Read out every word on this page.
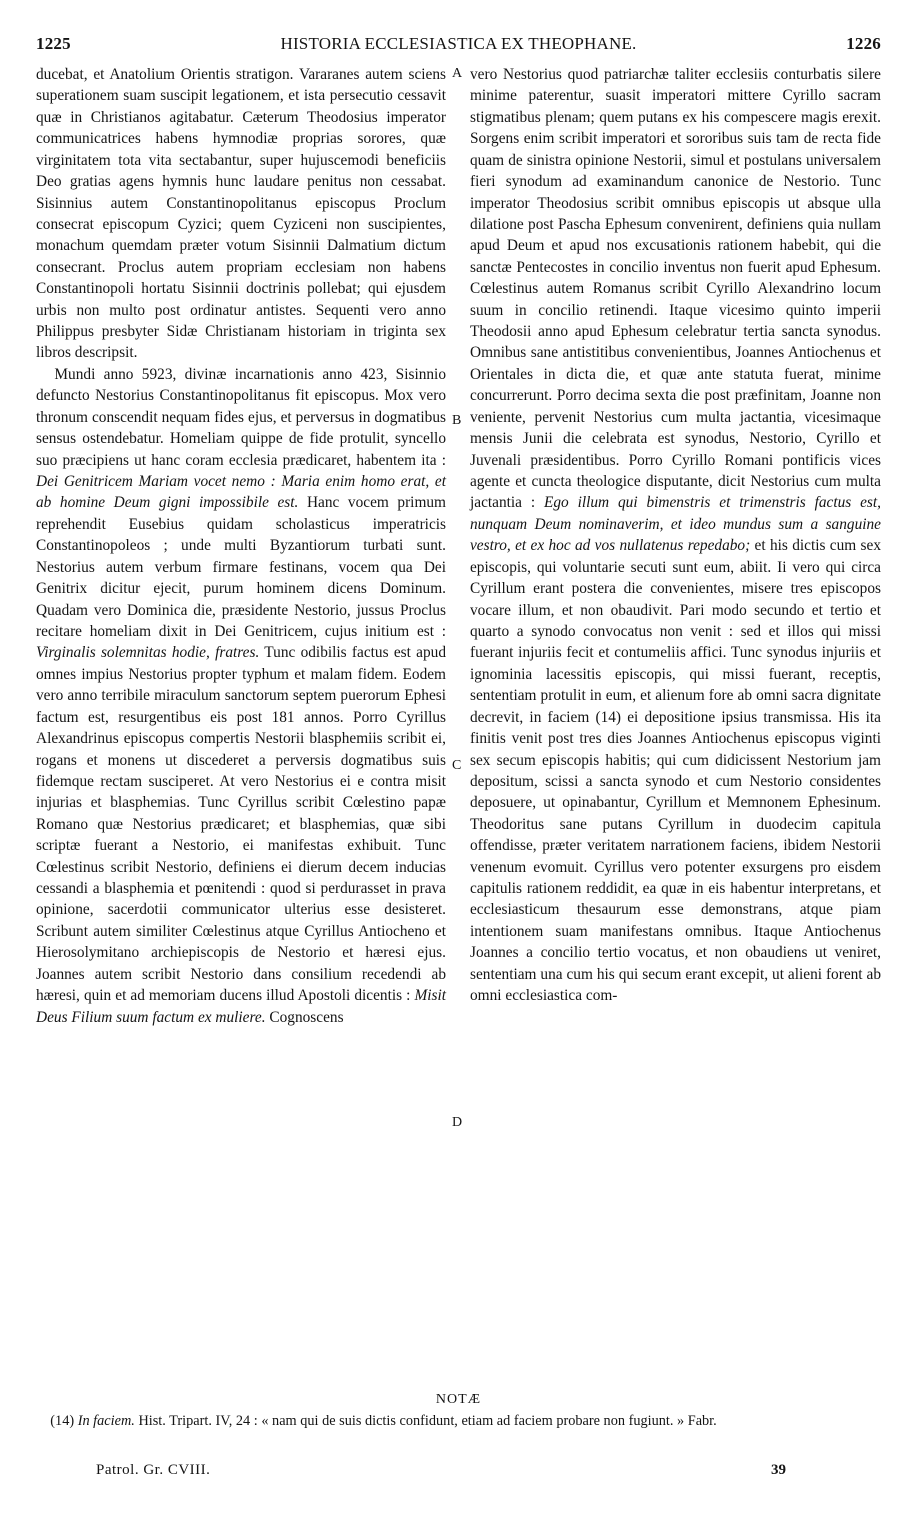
1225	HISTORIA ECCLESIASTICA EX THEOPHANE.	1226

ducebat, et Anatolium Orientis stratigon. Vararanes autem sciens superationem suam suscipit legationem, et ista persecutio cessavit quæ in Christianos agitabatur. Cæterum Theodosius imperator communicatrices habens hymnodiæ proprias sorores, quæ virginitatem tota vita sectabantur, super hujuscemodi beneficiis Deo gratias agens hymnis hunc laudare penitus non cessabat. Sisinnius autem Constantinopolitanus episcopus Proclum consecrat episcopum Cyzici; quem Cyziceni non suscipientes, monachum quemdam præter votum Sisinnii Dalmatium dictum consecrant. Proclus autem propriam ecclesiam non habens Constantinopoli hortatu Sisinnii doctrinis pollebat; qui ejusdem urbis non multo post ordinatur antistes. Sequenti vero anno Philippus presbyter Sidæ Christianam historiam in triginta sex libros descripsit.

Mundi anno 5923, divinæ incarnationis anno 423, Sisinnio defuncto Nestorius Constantinopolitanus fit episcopus. Mox vero thronum conscendit nequam fides ejus, et perversus in dogmatibus sensus ostendebatur. Homeliam quippe de fide protulit, syncello suo præcipiens ut hanc coram ecclesia prædicaret, habentem ita : Dei Genitricem Mariam vocet nemo : Maria enim homo erat, et ab homine Deum gigni impossibile est. Hanc vocem primum reprehendit Eusebius quidam scholasticus imperatricis Constantinopoleos ; unde multi Byzantiorum turbati sunt. Nestorius autem verbum firmare festinans, vocem qua Dei Genitrix dicitur ejecit, purum hominem dicens Dominum. Quadam vero Dominica die, præsidente Nestorio, jussus Proclus recitare homeliam dixit in Dei Genitricem, cujus initium est : Virginalis solemnitas hodie, fratres. Tunc odibilis factus est apud omnes impius Nestorius propter typhum et malam fidem. Eodem vero anno terribile miraculum sanctorum septem puerorum Ephesi factum est, resurgentibus eis post 181 annos. Porro Cyrillus Alexandrinus episcopus compertis Nestorii blasphemiis scribit ei, rogans et monens ut discederet a perversis dogmatibus suis fidemque rectam susciperet. At vero Nestorius ei e contra misit injurias et blasphemias. Tunc Cyrillus scribit Cœlestino papæ Romano quæ Nestorius prædicaret; et blasphemias, quæ sibi scriptæ fuerant a Nestorio, ei manifestas exhibuit. Tunc Cœlestinus scribit Nestorio, definiens ei dierum decem inducias cessandi a blasphemia et pœnitendi : quod si perdurasset in prava opinione, sacerdotii communicator ulterius esse desisteret. Scribunt autem similiter Cœlestinus atque Cyrillus Antiocheno et Hierosolymitano archiepiscopis de Nestorio et hæresi ejus. Joannes autem scribit Nestorio dans consilium recedendi ab hæresi, quin et ad memoriam ducens illud Apostoli dicentis : Misit Deus Filium suum factum ex muliere. Cognoscens

A
B
C
D

vero Nestorius quod patriarchæ taliter ecclesiis conturbatis silere minime paterentur, suasit imperatori mittere Cyrillo sacram stigmatibus plenam; quem putans ex his compescere magis erexit. Sorgens enim scribit imperatori et sororibus suis tam de recta fide quam de sinistra opinione Nestorii, simul et postulans universalem fieri synodum ad examinandum canonice de Nestorio. Tunc imperator Theodosius scribit omnibus episcopis ut absque ulla dilatione post Pascha Ephesum convenirent, definiens quia nullam apud Deum et apud nos excusationis rationem habebit, qui die sanctæ Pentecostes in concilio inventus non fuerit apud Ephesum. Cœlestinus autem Romanus scribit Cyrillo Alexandrino locum suum in concilio retinendi. Itaque vicesimo quinto imperii Theodosii anno apud Ephesum celebratur tertia sancta synodus. Omnibus sane antistitibus convenientibus, Joannes Antiochenus et Orientales in dicta die, et quæ ante statuta fuerat, minime concurrerunt. Porro decima sexta die post præfinitam, Joanne non veniente, pervenit Nestorius cum multa jactantia, vicesimaque mensis Junii die celebrata est synodus, Nestorio, Cyrillo et Juvenali præsidentibus. Porro Cyrillo Romani pontificis vices agente et cuncta theologice disputante, dicit Nestorius cum multa jactantia : Ego illum qui bimenstris et trimenstris factus est, nunquam Deum nominaverim, et ideo mundus sum a sanguine vestro, et ex hoc ad vos nullatenus repedabo; et his dictis cum sex episcopis, qui voluntarie secuti sunt eum, abiit. Ii vero qui circa Cyrillum erant postera die convenientes, misere tres episcopos vocare illum, et non obaudivit. Pari modo secundo et tertio et quarto a synodo convocatus non venit : sed et illos qui missi fuerant injuriis fecit et contumeliis affici. Tunc synodus injuriis et ignominia lacessitis episcopis, qui missi fuerant, receptis, sententiam protulit in eum, et alienum fore ab omni sacra dignitate decrevit, in faciem (14) ei depositione ipsius transmissa. His ita finitis venit post tres dies Joannes Antiochenus episcopus viginti sex secum episcopis habitis; qui cum didicissent Nestorium jam depositum, scissi a sancta synodo et cum Nestorio considentes deposuere, ut opinabantur, Cyrillum et Memnonem Ephesinum. Theodoritus sane putans Cyrillum in duodecim capitula offendisse, præter veritatem narrationem faciens, ibidem Nestorii venenum evomuit. Cyrillus vero potenter exsurgens pro eisdem capitulis rationem reddidit, ea quæ in eis habentur interpretans, et ecclesiasticum thesaurum esse demonstrans, atque piam intentionem suam manifestans omnibus. Itaque Antiochenus Joannes a concilio tertio vocatus, et non obaudiens ut veniret, sententiam una cum his qui secum erant excepit, ut alieni forent ab omni ecclesiastica com-

NOTÆ
(14) In faciem. Hist. Tripart. IV, 24 : « nam qui de suis dictis confidunt, etiam ad faciem probare non fugiunt. » Fabr.
Patrol. Gr. CVIII.	39
